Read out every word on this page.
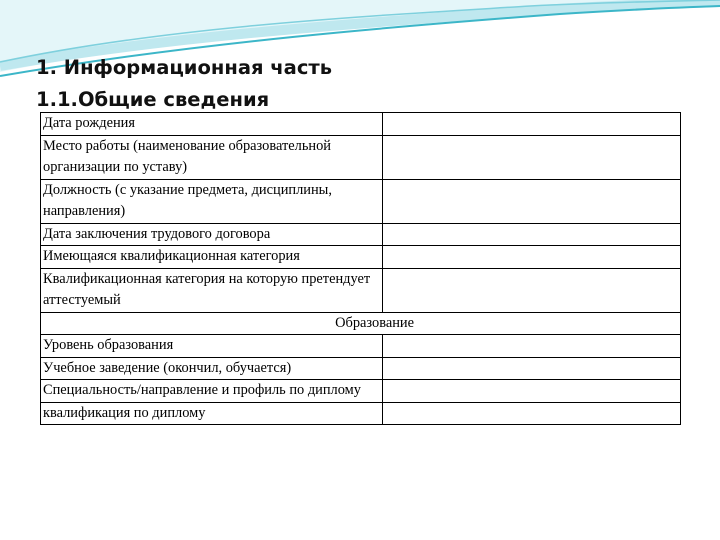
1. Информационная часть
1.1.Общие сведения
Дата рождения	
Место работы (наименование образовательной организации по уставу)	
Должность (с указание предмета, дисциплины, направления)	
Дата заключения трудового договора	
Имеющаяся квалификационная категория	
Квалификационная категория на которую претендует аттестуемый	
Образование	
Уровень образования	
Учебное заведение (окончил, обучается)	
Специальность/направление и профиль по диплому	
квалификация по диплому	
